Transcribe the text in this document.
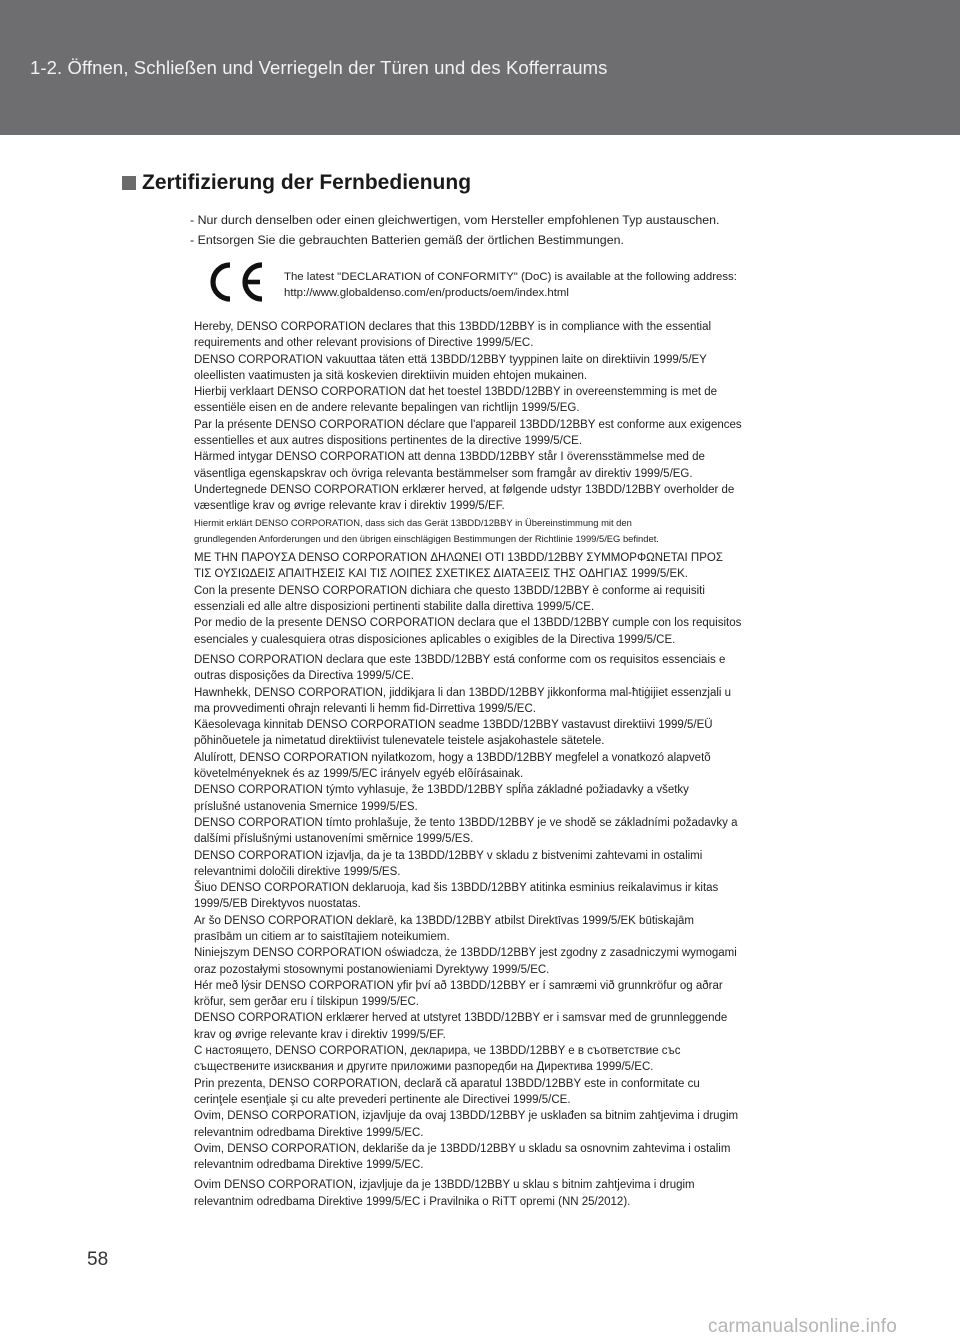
1-2. Öffnen, Schließen und Verriegeln der Türen und des Kofferraums
Zertifizierung der Fernbedienung
- Nur durch denselben oder einen gleichwertigen, vom Hersteller empfohlenen Typ austauschen.
- Entsorgen Sie die gebrauchten Batterien gemäß der örtlichen Bestimmungen.
The latest "DECLARATION of CONFORMITY" (DoC) is available at the following address:
http://www.globaldenso.com/en/products/oem/index.html
Hereby, DENSO CORPORATION declares that this 13BDD/12BBY is in compliance with the essential
requirements and other relevant provisions of Directive 1999/5/EC.
DENSO CORPORATION vakuuttaa täten että 13BDD/12BBY tyyppinen laite on direktiivin 1999/5/EY
oleellisten vaatimusten ja sitä koskevien direktiivin muiden ehtojen mukainen.
Hierbij verklaart DENSO CORPORATION dat het toestel 13BDD/12BBY in overeenstemming is met de
essentiële eisen en de andere relevante bepalingen van richtlijn 1999/5/EG.
Par la présente DENSO CORPORATION déclare que l'appareil 13BDD/12BBY est conforme aux exigences
essentielles et aux autres dispositions pertinentes de la directive 1999/5/CE.
Härmed intygar DENSO CORPORATION att denna 13BDD/12BBY står I överensstämmelse med de
väsentliga egenskapskrav och övriga relevanta bestämmelser som framgår av direktiv 1999/5/EG.
Undertegnede DENSO CORPORATION erklærer herved, at følgende udstyr 13BDD/12BBY overholder de
væsentlige krav og øvrige relevante krav i direktiv 1999/5/EF.
Hiermit erklärt DENSO CORPORATION, dass sich das Gerät 13BDD/12BBY in Übereinstimmung mit den
grundlegenden Anforderungen und den übrigen einschlägigen Bestimmungen der Richtlinie 1999/5/EG befindet.
ΜΕ ΤΗΝ ΠΑΡΟΥΣΑ DENSO CORPORATION ΔΗΛΩΝΕΙ ΟΤΙ 13BDD/12BBY ΣΥΜΜΟΡΦΩΝΕΤΑΙ ΠΡΟΣ
ΤΙΣ ΟΥΣΙΩΔΕΙΣ ΑΠΑΙΤΗΣΕΙΣ ΚΑΙ ΤΙΣ ΛΟΙΠΕΣ ΣΧΕΤΙΚΕΣ ΔΙΑΤΑΞΕΙΣ ΤΗΣ ΟΔΗΓΙΑΣ 1999/5/ΕΚ.
Con la presente DENSO CORPORATION dichiara che questo 13BDD/12BBY è conforme ai requisiti
essenziali ed alle altre disposizioni pertinenti stabilite dalla direttiva 1999/5/CE.
Por medio de la presente DENSO CORPORATION declara que el 13BDD/12BBY cumple con los requisitos
esenciales y cualesquiera otras disposiciones aplicables o exigibles de la Directiva 1999/5/CE.
DENSO CORPORATION declara que este 13BDD/12BBY está conforme com os requisitos essenciais e
outras disposições da Directiva 1999/5/CE.
Hawnhekk, DENSO CORPORATION, jiddikjara li dan 13BDD/12BBY jikkonforma mal-ħtiġijiet essenzjali u
ma provvedimenti oħrajn relevanti li hemm fid-Dirrettiva 1999/5/EC.
Käesolevaga kinnitab DENSO CORPORATION seadme 13BDD/12BBY vastavust direktiivi 1999/5/EÜ
põhinõuetele ja nimetatud direktiivist tulenevatele teistele asjakohastele sätetele.
Alulírott, DENSO CORPORATION nyilatkozom, hogy a 13BDD/12BBY megfelel a vonatkozó alapvetõ
követelményeknek és az 1999/5/EC irányelv egyéb elõírásainak.
DENSO CORPORATION týmto vyhlasuje, že 13BDD/12BBY spĺňa základné požiadavky a všetky
príslušné ustanovenia Smernice 1999/5/ES.
DENSO CORPORATION tímto prohlašuje, že tento 13BDD/12BBY je ve shodě se základními požadavky a
dalšími příslušnými ustanoveními směrnice 1999/5/ES.
DENSO CORPORATION izjavlja, da je ta 13BDD/12BBY v skladu z bistvenimi zahtevami in ostalimi
relevantnimi določili direktive 1999/5/ES.
Šiuo DENSO CORPORATION deklaruoja, kad šis 13BDD/12BBY atitinka esminius reikalavimus ir kitas
1999/5/EB Direktyvos nuostatas.
Ar šo DENSO CORPORATION deklarē, ka 13BDD/12BBY atbilst Direktīvas 1999/5/EK būtiskajām
prasībām un citiem ar to saistītajiem noteikumiem.
Niniejszym DENSO CORPORATION oświadcza, że 13BDD/12BBY jest zgodny z zasadniczymi wymogami
oraz pozostałymi stosownymi postanowieniami Dyrektywy 1999/5/EC.
Hér með lýsir DENSO CORPORATION yfir því að 13BDD/12BBY er í samræmi við grunnkröfur og aðrar
kröfur, sem gerðar eru í tilskipun 1999/5/EC.
DENSO CORPORATION erklærer herved at utstyret 13BDD/12BBY er i samsvar med de grunnleggende
krav og øvrige relevante krav i direktiv 1999/5/EF.
С настоящето, DENSO CORPORATION, декларира, че 13BDD/12BBY е в съответствие със
съществените изисквания и другите приложими разпоредби на Директива 1999/5/ЕС.
Prin prezenta, DENSO CORPORATION, declară că aparatul 13BDD/12BBY este in conformitate cu
cerinţele esenţiale şi cu alte prevederi pertinente ale Directivei 1999/5/CE.
Ovim, DENSO CORPORATION, izjavljuje da ovaj 13BDD/12BBY je usklađen sa bitnim zahtjevima i drugim
relevantnim odredbama Direktive 1999/5/EC.
Ovim, DENSO CORPORATION, deklariše da je 13BDD/12BBY u skladu sa osnovnim zahtevima i ostalim
relevantnim odredbama Direktive 1999/5/EC.
Ovim DENSO CORPORATION, izjavljuje da je 13BDD/12BBY u sklau s bitnim zahtjevima i drugim
relevantnim odredbama Direktive 1999/5/EC i Pravilnika o RiTT opremi (NN 25/2012).
58
carmanualsonline.info
